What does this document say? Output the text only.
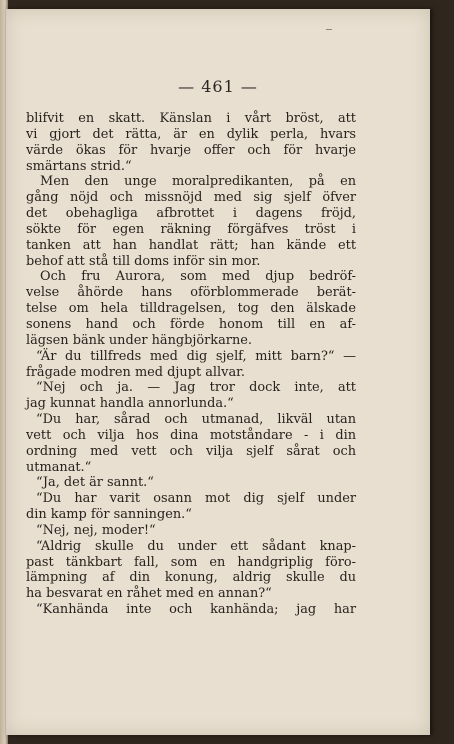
— 461 —

blifvit en skatt. Känslan i vårt bröst, att
vi gjort det rätta, är en dylik perla, hvars
värde ökas för hvarje offer och för hvarje
smärtans strid.“
Men den unge moralpredikanten, på en
gång nöjd och missnöjd med sig sjelf öfver
det obehagliga afbrottet i dagens fröjd,
sökte för egen räkning förgäfves tröst i
tanken att han handlat rätt; han kände ett
behof att stå till doms inför sin mor.
Och fru Aurora, som med djup bedröf-
velse åhörde hans oförblommerade berät-
telse om hela tilldragelsen, tog den älskade
sonens hand och förde honom till en af-
lägsen bänk under hängbjörkarne.
“Är du tillfreds med dig sjelf, mitt barn?“ —
frågade modren med djupt allvar.
“Nej och ja. — Jag tror dock inte, att
jag kunnat handla annorlunda.“
“Du har, sårad och utmanad, likväl utan
vett och vilja hos dina motståndare - i din
ordning med vett och vilja sjelf sårat och
utmanat.“
“Ja, det är sannt.“
“Du har varit osann mot dig sjelf under
din kamp för sanningen.“
“Nej, nej, moder!“
“Aldrig skulle du under ett sådant knap-
past tänkbart fall, som en handgriplig föro-
lämpning af din konung, aldrig skulle du
ha besvarat en råhet med en annan?“
“Kanhända inte och kanhända; jag har
